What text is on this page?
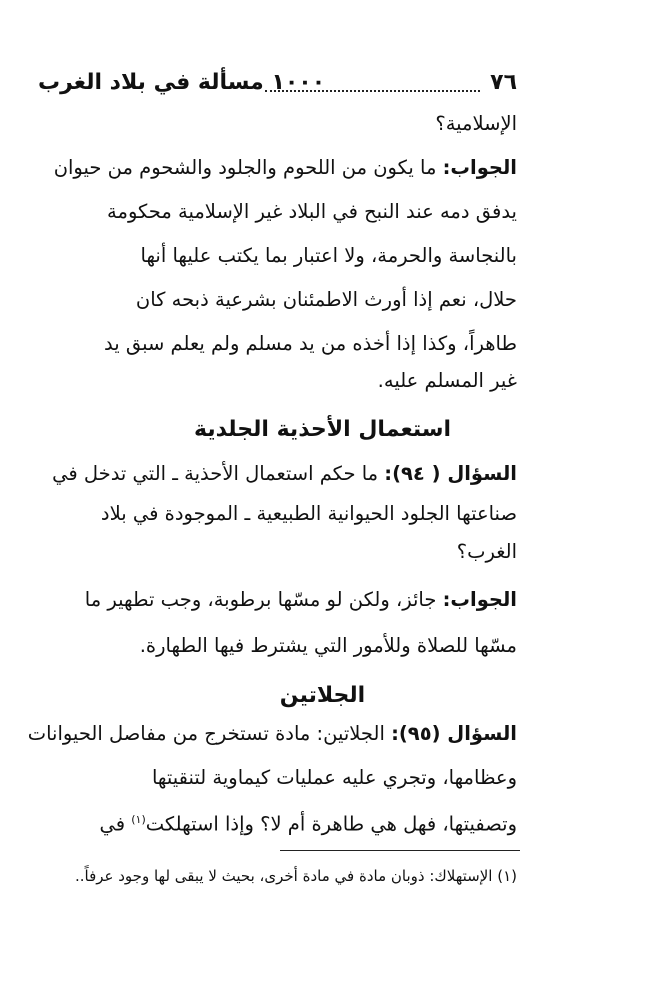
٧٦
١٠٠٠ مسألة في بلاد الغرب
الإسلامية؟
الجواب: ما يكون من اللحوم والجلود والشحوم من حيوان
يدفق دمه عند النبح في البلاد غير الإسلامية محكومة
بالنجاسة والحرمة، ولا اعتبار بما يكتب عليها أنها
حلال، نعم إذا أورث الاطمئنان بشرعية ذبحه كان
طاهراً، وكذا إذا أخذه من يد مسلم ولم يعلم سبق يد
غير المسلم عليه.
استعمال الأحذية الجلدية
السؤال ( ٩٤): ما حكم استعمال الأحذية ـ التي تدخل في
صناعتها الجلود الحيوانية الطبيعية ـ الموجودة في بلاد
الغرب؟
الجواب: جائز، ولكن لو مسّها برطوبة، وجب تطهير ما
مسّها للصلاة وللأمور التي يشترط فيها الطهارة.
الجلاتين
السؤال (٩٥): الجلاتين: مادة تستخرج من مفاصل الحيوانات
وعظامها، وتجري عليه عمليات كيماوية لتنقيتها
وتصفيتها، فهل هي طاهرة أم لا؟ وإذا استهلكت$^{(١)}$ في
(١) الإستهلاك: ذوبان مادة في مادة أخرى، بحيث لا يبقى لها وجود عرفاً..
